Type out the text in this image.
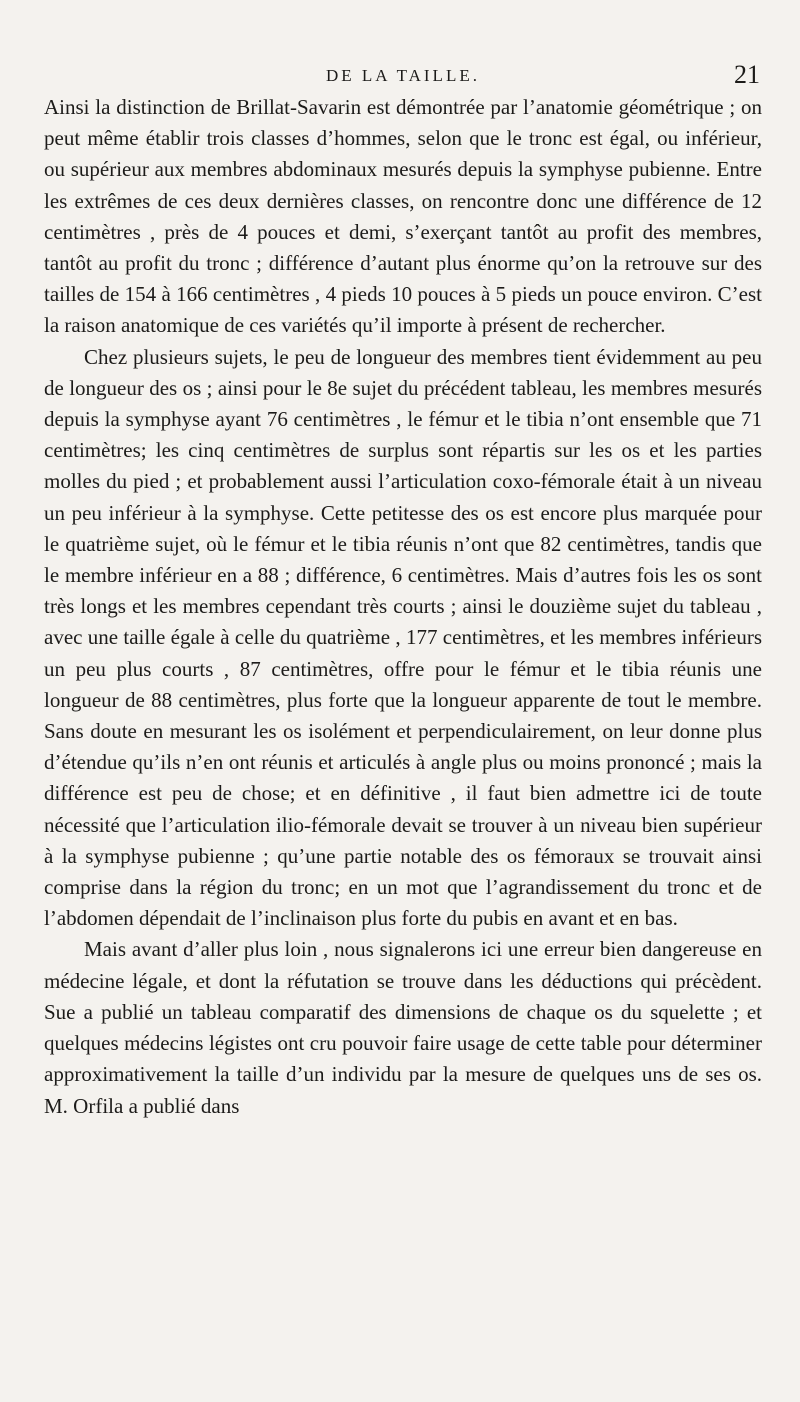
DE LA TAILLE.	21

Ainsi la distinction de Brillat-Savarin est démontrée par l’anatomie géométrique ; on peut même établir trois classes d’hommes, selon que le tronc est égal, ou inférieur, ou supérieur aux membres abdominaux mesurés depuis la symphyse pubienne. Entre les extrêmes de ces deux dernières classes, on rencontre donc une différence de 12 centimètres , près de 4 pouces et demi, s’exerçant tantôt au profit des membres, tantôt au profit du tronc ; différence d’autant plus énorme qu’on la retrouve sur des tailles de 154 à 166 centimètres , 4 pieds 10 pouces à 5 pieds un pouce environ. C’est la raison anatomique de ces variétés qu’il importe à présent de rechercher.

Chez plusieurs sujets, le peu de longueur des membres tient évidemment au peu de longueur des os ; ainsi pour le 8e sujet du précédent tableau, les membres mesurés depuis la symphyse ayant 76 centimètres , le fémur et le tibia n’ont ensemble que 71 centimètres; les cinq centimètres de surplus sont répartis sur les os et les parties molles du pied ; et probablement aussi l’articulation coxo-fémorale était à un niveau un peu inférieur à la symphyse. Cette petitesse des os est encore plus marquée pour le quatrième sujet, où le fémur et le tibia réunis n’ont que 82 centimètres, tandis que le membre inférieur en a 88 ; différence, 6 centimètres. Mais d’autres fois les os sont très longs et les membres cependant très courts ; ainsi le douzième sujet du tableau , avec une taille égale à celle du quatrième , 177 centimètres, et les membres inférieurs un peu plus courts , 87 centimètres, offre pour le fémur et le tibia réunis une longueur de 88 centimètres, plus forte que la longueur apparente de tout le membre. Sans doute en mesurant les os isolément et perpendiculairement, on leur donne plus d’étendue qu’ils n’en ont réunis et articulés à angle plus ou moins prononcé ; mais la différence est peu de chose; et en définitive , il faut bien admettre ici de toute nécessité que l’articulation ilio-fémorale devait se trouver à un niveau bien supérieur à la symphyse pubienne ; qu’une partie notable des os fémoraux se trouvait ainsi comprise dans la région du tronc; en un mot que l’agrandissement du tronc et de l’abdomen dépendait de l’inclinaison plus forte du pubis en avant et en bas.

Mais avant d’aller plus loin , nous signalerons ici une erreur bien dangereuse en médecine légale, et dont la réfutation se trouve dans les déductions qui précèdent. Sue a publié un tableau comparatif des dimensions de chaque os du squelette ; et quelques médecins légistes ont cru pouvoir faire usage de cette table pour déterminer approximativement la taille d’un individu par la mesure de quelques uns de ses os. M. Orfila a publié dans
